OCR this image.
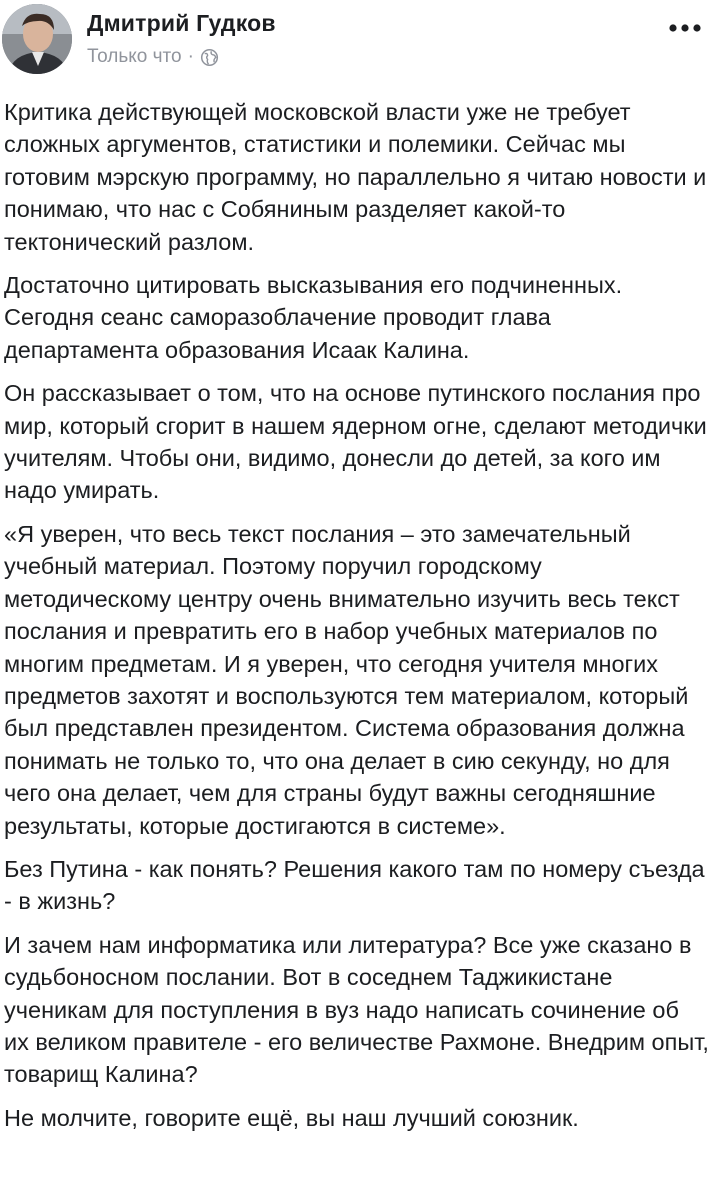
Дмитрий Гудков
Только что ·

Критика действующей московской власти уже не требует сложных аргументов, статистики и полемики. Сейчас мы готовим мэрскую программу, но параллельно я читаю новости и понимаю, что нас с Собяниным разделяет какой-то тектонический разлом.

Достаточно цитировать высказывания его подчиненных. Сегодня сеанс саморазоблачение проводит глава департамента образования Исаак Калина.

Он рассказывает о том, что на основе путинского послания про мир, который сгорит в нашем ядерном огне, сделают методички учителям. Чтобы они, видимо, донесли до детей, за кого им надо умирать.

«Я уверен, что весь текст послания – это замечательный учебный материал. Поэтому поручил городскому методическому центру очень внимательно изучить весь текст послания и превратить его в набор учебных материалов по многим предметам. И я уверен, что сегодня учителя многих предметов захотят и воспользуются тем материалом, который был представлен президентом. Система образования должна понимать не только то, что она делает в сию секунду, но для чего она делает, чем для страны будут важны сегодняшние результаты, которые достигаются в системе».

Без Путина - как понять? Решения какого там по номеру съезда - в жизнь?

И зачем нам информатика или литература? Все уже сказано в судьбоносном послании. Вот в соседнем Таджикистане ученикам для поступления в вуз надо написать сочинение об их великом правителе - его величестве Рахмоне. Внедрим опыт, товарищ Калина?

Не молчите, говорите ещё, вы наш лучший союзник.
